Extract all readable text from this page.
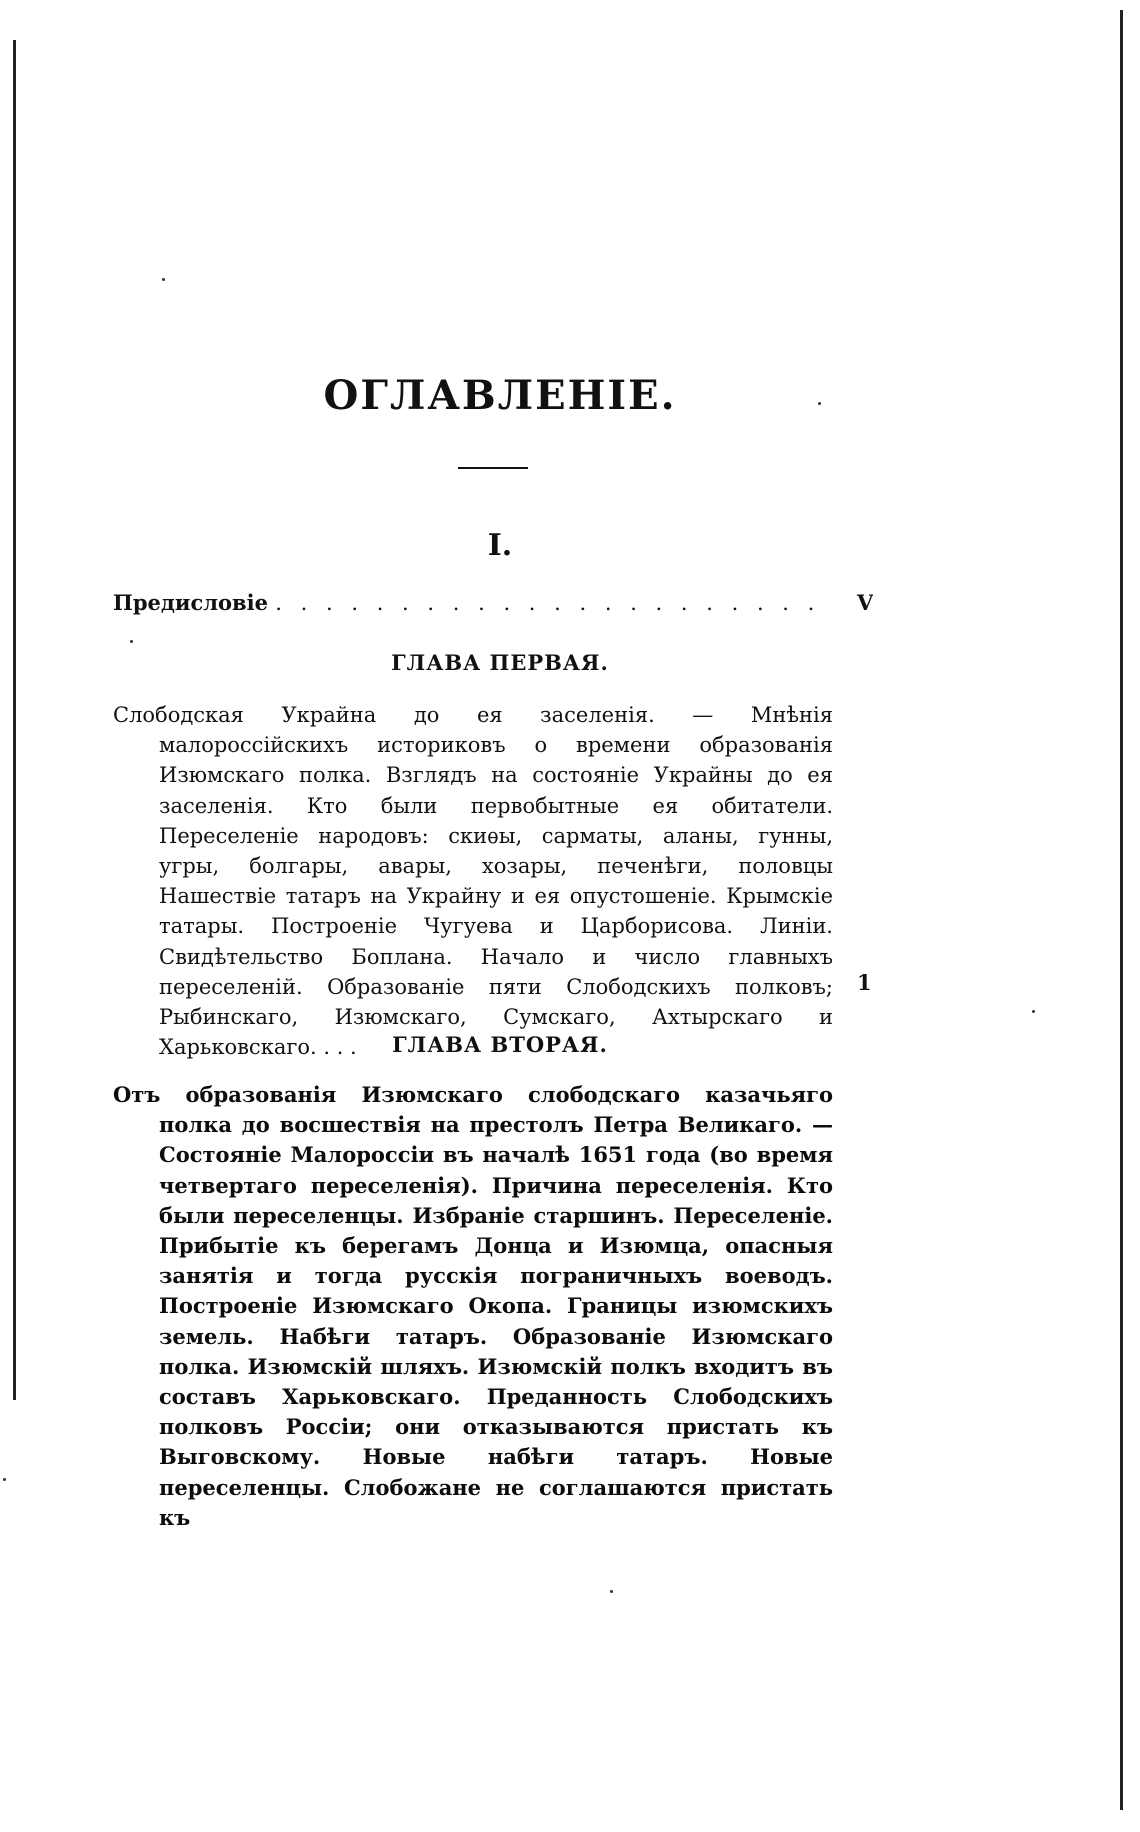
ОГЛАВЛЕНІЕ.
I.
Предисловіе . . . . . . . . . . . . . . . . . . . . . . V
ГЛАВА ПЕРВАЯ.

Слободская Украйна до ея заселенія. — Мнѣнія малороссійскихъ историковъ о времени образованія Изюмскаго полка. Взглядъ на состояніе Украйны до ея заселенія. Кто были первобытные ея обитатели. Переселеніе народовъ: скиѳы, сарматы, аланы, гунны, угры, болгары, авары, хозары, печенѣги, половцы Нашествіе татаръ на Украйну и ея опустошеніе. Крымскіе татары. Построеніе Чугуева и Царборисова. Линіи. Свидѣтельство Боплана. Начало и число главныхъ переселеній. Образованіе пяти Слободскихъ полковъ; Рыбинскаго, Изюмскаго, Сумскаго, Ахтырскаго и Харьковскаго. . . .

1
ГЛАВА ВТОРАЯ.

Отъ образованія Изюмскаго слободскаго казачьяго полка до восшествія на престолъ Петра Великаго. — Состояніе Малороссіи въ началѣ 1651 года (во время четвертаго переселенія). Причина переселенія. Кто были переселенцы. Избраніе старшинъ. Переселеніе. Прибытіе къ берегамъ Донца и Изюмца, опасныя занятія и тогда русскія пограничныхъ воеводъ. Построеніе Изюмскаго Окопа. Границы изюмскихъ земель. Набѣги татаръ. Образованіе Изюмскаго полка. Изюмскій шляхъ. Изюмскій полкъ входитъ въ составъ Харьковскаго. Преданность Слободскихъ полковъ Россіи; они отказываются пристать къ Выговскому. Новые набѣги татаръ. Новые переселенцы. Слобожане не соглашаются пристать къ
